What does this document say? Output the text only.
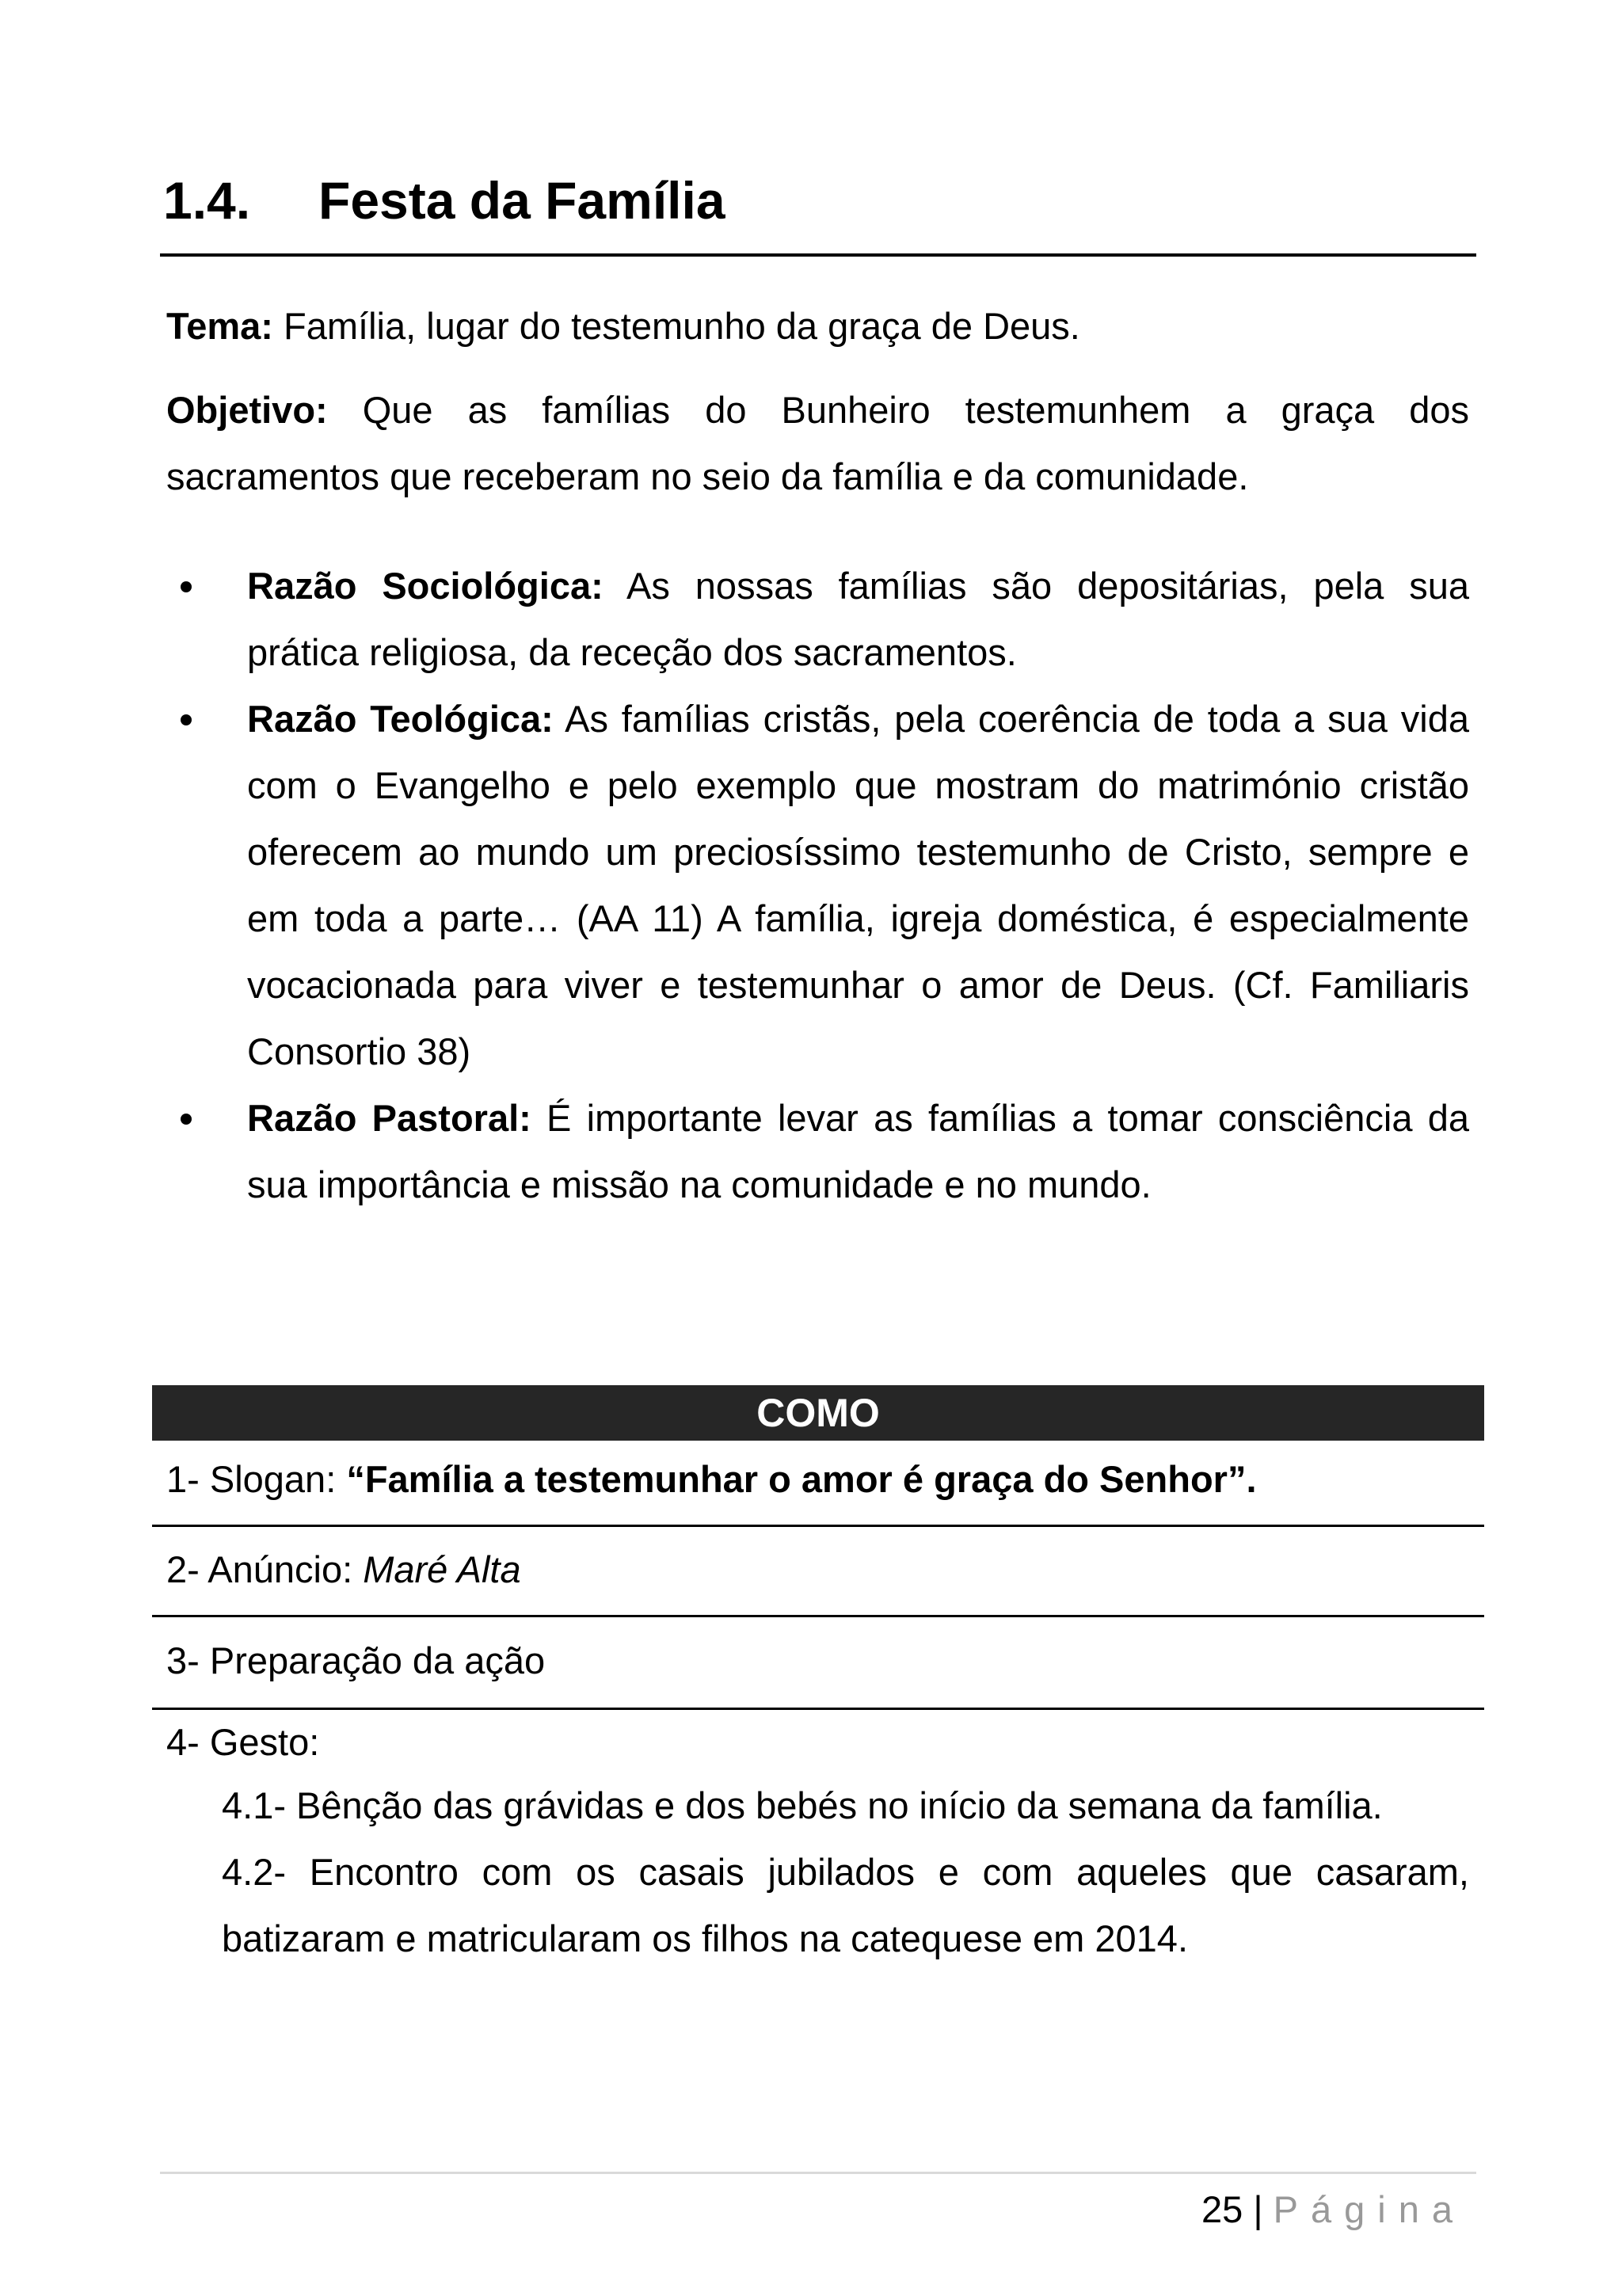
1.4. Festa da Família
Tema: Família, lugar do testemunho da graça de Deus.
Objetivo: Que as famílias do Bunheiro testemunhem a graça dos sacramentos que receberam no seio da família e da comunidade.
Razão Sociológica: As nossas famílias são depositárias, pela sua prática religiosa, da receção dos sacramentos.
Razão Teológica: As famílias cristãs, pela coerência de toda a sua vida com o Evangelho e pelo exemplo que mostram do matrimónio cristão oferecem ao mundo um preciosíssimo testemunho de Cristo, sempre e em toda a parte… (AA 11) A família, igreja doméstica, é especialmente vocacionada para viver e testemunhar o amor de Deus. (Cf. Familiaris Consortio 38)
Razão Pastoral: É importante levar as famílias a tomar consciência da sua importância e missão na comunidade e no mundo.
COMO
1- Slogan: “Família a testemunhar o amor é graça do Senhor”.
2- Anúncio: Maré Alta
3- Preparação da ação
4- Gesto:

4.1- Bênção das grávidas e dos bebés no início da semana da família.

4.2- Encontro com os casais jubilados e com aqueles que casaram, batizaram e matricularam os filhos na catequese em 2014.

25 | Página
